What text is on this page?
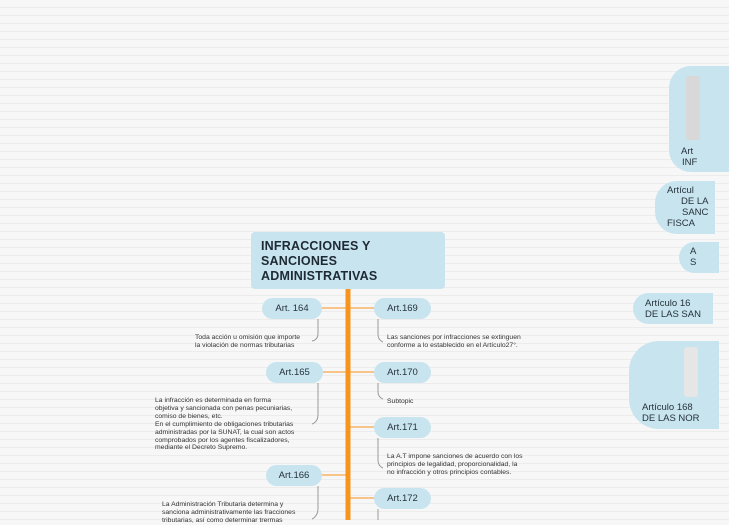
INFRACCIONES Y
SANCIONES
ADMINISTRATIVAS
Art. 164
Toda acción u omisión que importe
la violación de normas tributarias
Art.165
La infracción es determinada en forma
objetiva y sancionada con penas pecuniarias,
comiso de bienes, etc.
En el cumplimiento de obligaciones tributarias
administradas por la SUNAT, la cual son actos
comprobados por los agentes fiscalizadores,
mediante el Decreto Supremo.
Art.166
La Administración Tributaria determina y
sanciona administrativamente las fracciones
tributarias, así como determinar trermas
Art.169
Las sanciones por infracciones se extinguen
conforme a lo establecido en el Artículo27°.
Art.170
Subtopic
Art.171
La A.T impone sanciones de acuerdo con los
principios de legalidad, proporcionalidad, la
no infracción y otros principios contables.
Art.172
Art
INF
Artícul
DE LA
SANC
FISCA
A
S
Artículo 16
DE LAS SAN
Artículo 168
DE LAS NOR
